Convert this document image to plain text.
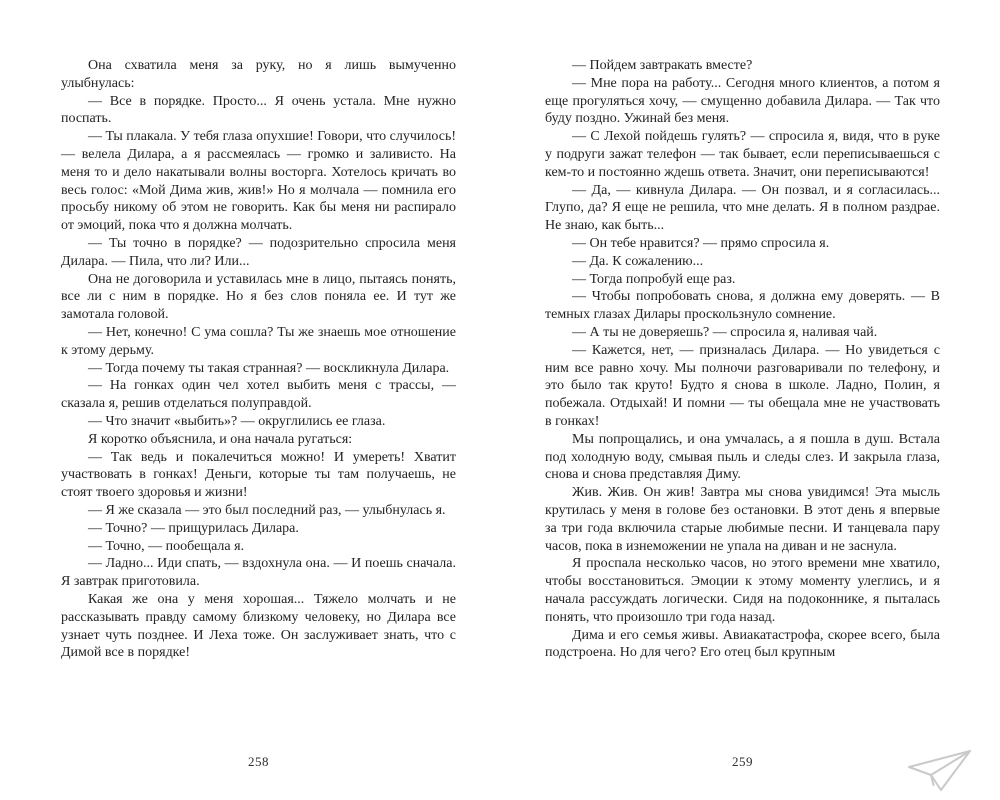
Она схватила меня за руку, но я лишь вымученно улыбнулась:

— Все в порядке. Просто... Я очень устала. Мне нужно поспать.

— Ты плакала. У тебя глаза опухшие! Говори, что случилось! — велела Дилара, а я рассмеялась — громко и заливисто. На меня то и дело накатывали волны восторга. Хотелось кричать во весь голос: «Мой Дима жив, жив!» Но я молчала — помнила его просьбу никому об этом не говорить. Как бы меня ни распирало от эмоций, пока что я должна молчать.

— Ты точно в порядке? — подозрительно спросила меня Дилара. — Пила, что ли? Или...

Она не договорила и уставилась мне в лицо, пытаясь понять, все ли с ним в порядке. Но я без слов поняла ее. И тут же замотала головой.

— Нет, конечно! С ума сошла? Ты же знаешь мое отношение к этому дерьму.

— Тогда почему ты такая странная? — воскликнула Дилара.

— На гонках один чел хотел выбить меня с трассы, — сказала я, решив отделаться полуправдой.

— Что значит «выбить»? — округлились ее глаза.

Я коротко объяснила, и она начала ругаться:

— Так ведь и покалечиться можно! И умереть! Хватит участвовать в гонках! Деньги, которые ты там получаешь, не стоят твоего здоровья и жизни!

— Я же сказала — это был последний раз, — улыбнулась я.

— Точно? — прищурилась Дилара.

— Точно, — пообещала я.

— Ладно... Иди спать, — вздохнула она. — И поешь сначала. Я завтрак приготовила.

Какая же она у меня хорошая... Тяжело молчать и не рассказывать правду самому близкому человеку, но Дилара все узнает чуть позднее. И Леха тоже. Он заслуживает знать, что с Димой все в порядке!

258

— Пойдем завтракать вместе?

— Мне пора на работу... Сегодня много клиентов, а потом я еще прогуляться хочу, — смущенно добавила Дилара. — Так что буду поздно. Ужинай без меня.

— С Лехой пойдешь гулять? — спросила я, видя, что в руке у подруги зажат телефон — так бывает, если переписываешься с кем-то и постоянно ждешь ответа. Значит, они переписываются!

— Да, — кивнула Дилара. — Он позвал, и я согласилась... Глупо, да? Я еще не решила, что мне делать. Я в полном раздрае. Не знаю, как быть...

— Он тебе нравится? — прямо спросила я.

— Да. К сожалению...

— Тогда попробуй еще раз.

— Чтобы попробовать снова, я должна ему доверять. — В темных глазах Дилары проскользнуло сомнение.

— А ты не доверяешь? — спросила я, наливая чай.

— Кажется, нет, — призналась Дилара. — Но увидеться с ним все равно хочу. Мы полночи разговаривали по телефону, и это было так круто! Будто я снова в школе. Ладно, Полин, я побежала. Отдыхай! И помни — ты обещала мне не участвовать в гонках!

Мы попрощались, и она умчалась, а я пошла в душ. Встала под холодную воду, смывая пыль и следы слез. И закрыла глаза, снова и снова представляя Диму.

Жив. Жив. Он жив! Завтра мы снова увидимся! Эта мысль крутилась у меня в голове без остановки. В этот день я впервые за три года включила старые любимые песни. И танцевала пару часов, пока в изнеможении не упала на диван и не заснула.

Я проспала несколько часов, но этого времени мне хватило, чтобы восстановиться. Эмоции к этому моменту улеглись, и я начала рассуждать логически. Сидя на подоконнике, я пыталась понять, что произошло три года назад.

Дима и его семья живы. Авиакатастрофа, скорее всего, была подстроена. Но для чего? Его отец был крупным

259
